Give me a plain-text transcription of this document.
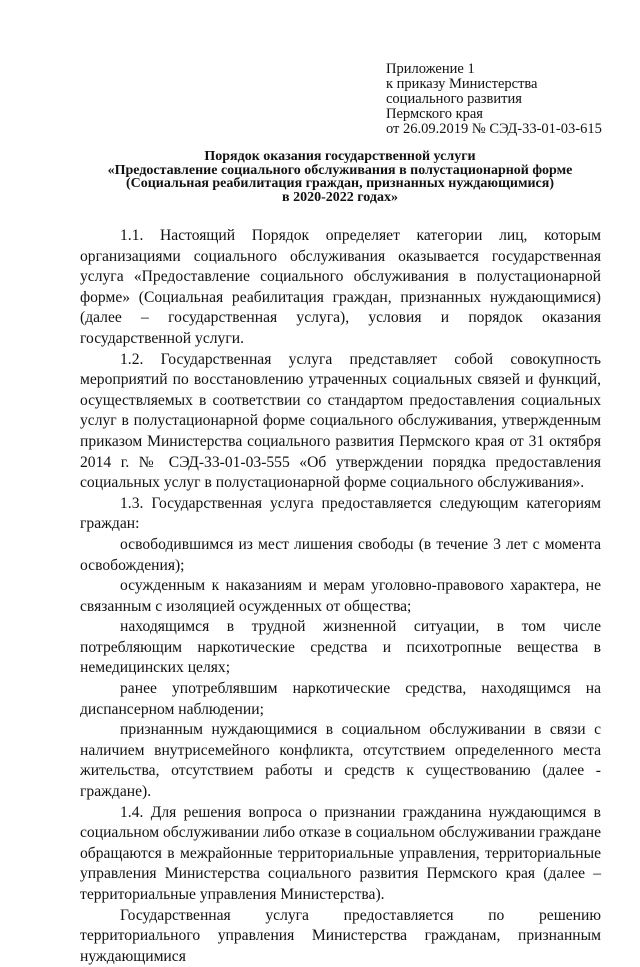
Приложение 1
к приказу Министерства
социального развития
Пермского края
от 26.09.2019 № СЭД-33-01-03-615
Порядок оказания государственной услуги
«Предоставление социального обслуживания в полустационарной форме
(Социальная реабилитация граждан, признанных нуждающимися)
в 2020-2022 годах»

1.1. Настоящий Порядок определяет категории лиц, которым организациями социального обслуживания оказывается государственная услуга «Предоставление социального обслуживания в полустационарной форме» (Социальная реабилитация граждан, признанных нуждающимися) (далее – государственная услуга), условия и порядок оказания государственной услуги.

1.2. Государственная услуга представляет собой совокупность мероприятий по восстановлению утраченных социальных связей и функций, осуществляемых в соответствии со стандартом предоставления социальных услуг в полустационарной форме социального обслуживания, утвержденным приказом Министерства социального развития Пермского края от 31 октября 2014 г. № СЭД-33-01-03-555 «Об утверждении порядка предоставления социальных услуг в полустационарной форме социального обслуживания».

1.3. Государственная услуга предоставляется следующим категориям граждан:

освободившимся из мест лишения свободы (в течение 3 лет с момента освобождения);

осужденным к наказаниям и мерам уголовно-правового характера, не связанным с изоляцией осужденных от общества;

находящимся в трудной жизненной ситуации, в том числе потребляющим наркотические средства и психотропные вещества в немедицинских целях;

ранее употреблявшим наркотические средства, находящимся на диспансерном наблюдении;

признанным нуждающимися в социальном обслуживании в связи с наличием внутрисемейного конфликта, отсутствием определенного места жительства, отсутствием работы и средств к существованию (далее - граждане).

1.4. Для решения вопроса о признании гражданина нуждающимся в социальном обслуживании либо отказе в социальном обслуживании граждане обращаются в межрайонные территориальные управления, территориальные управления Министерства социального развития Пермского края (далее – территориальные управления Министерства).

Государственная услуга предоставляется по решению территориального управления Министерства гражданам, признанным нуждающимися
